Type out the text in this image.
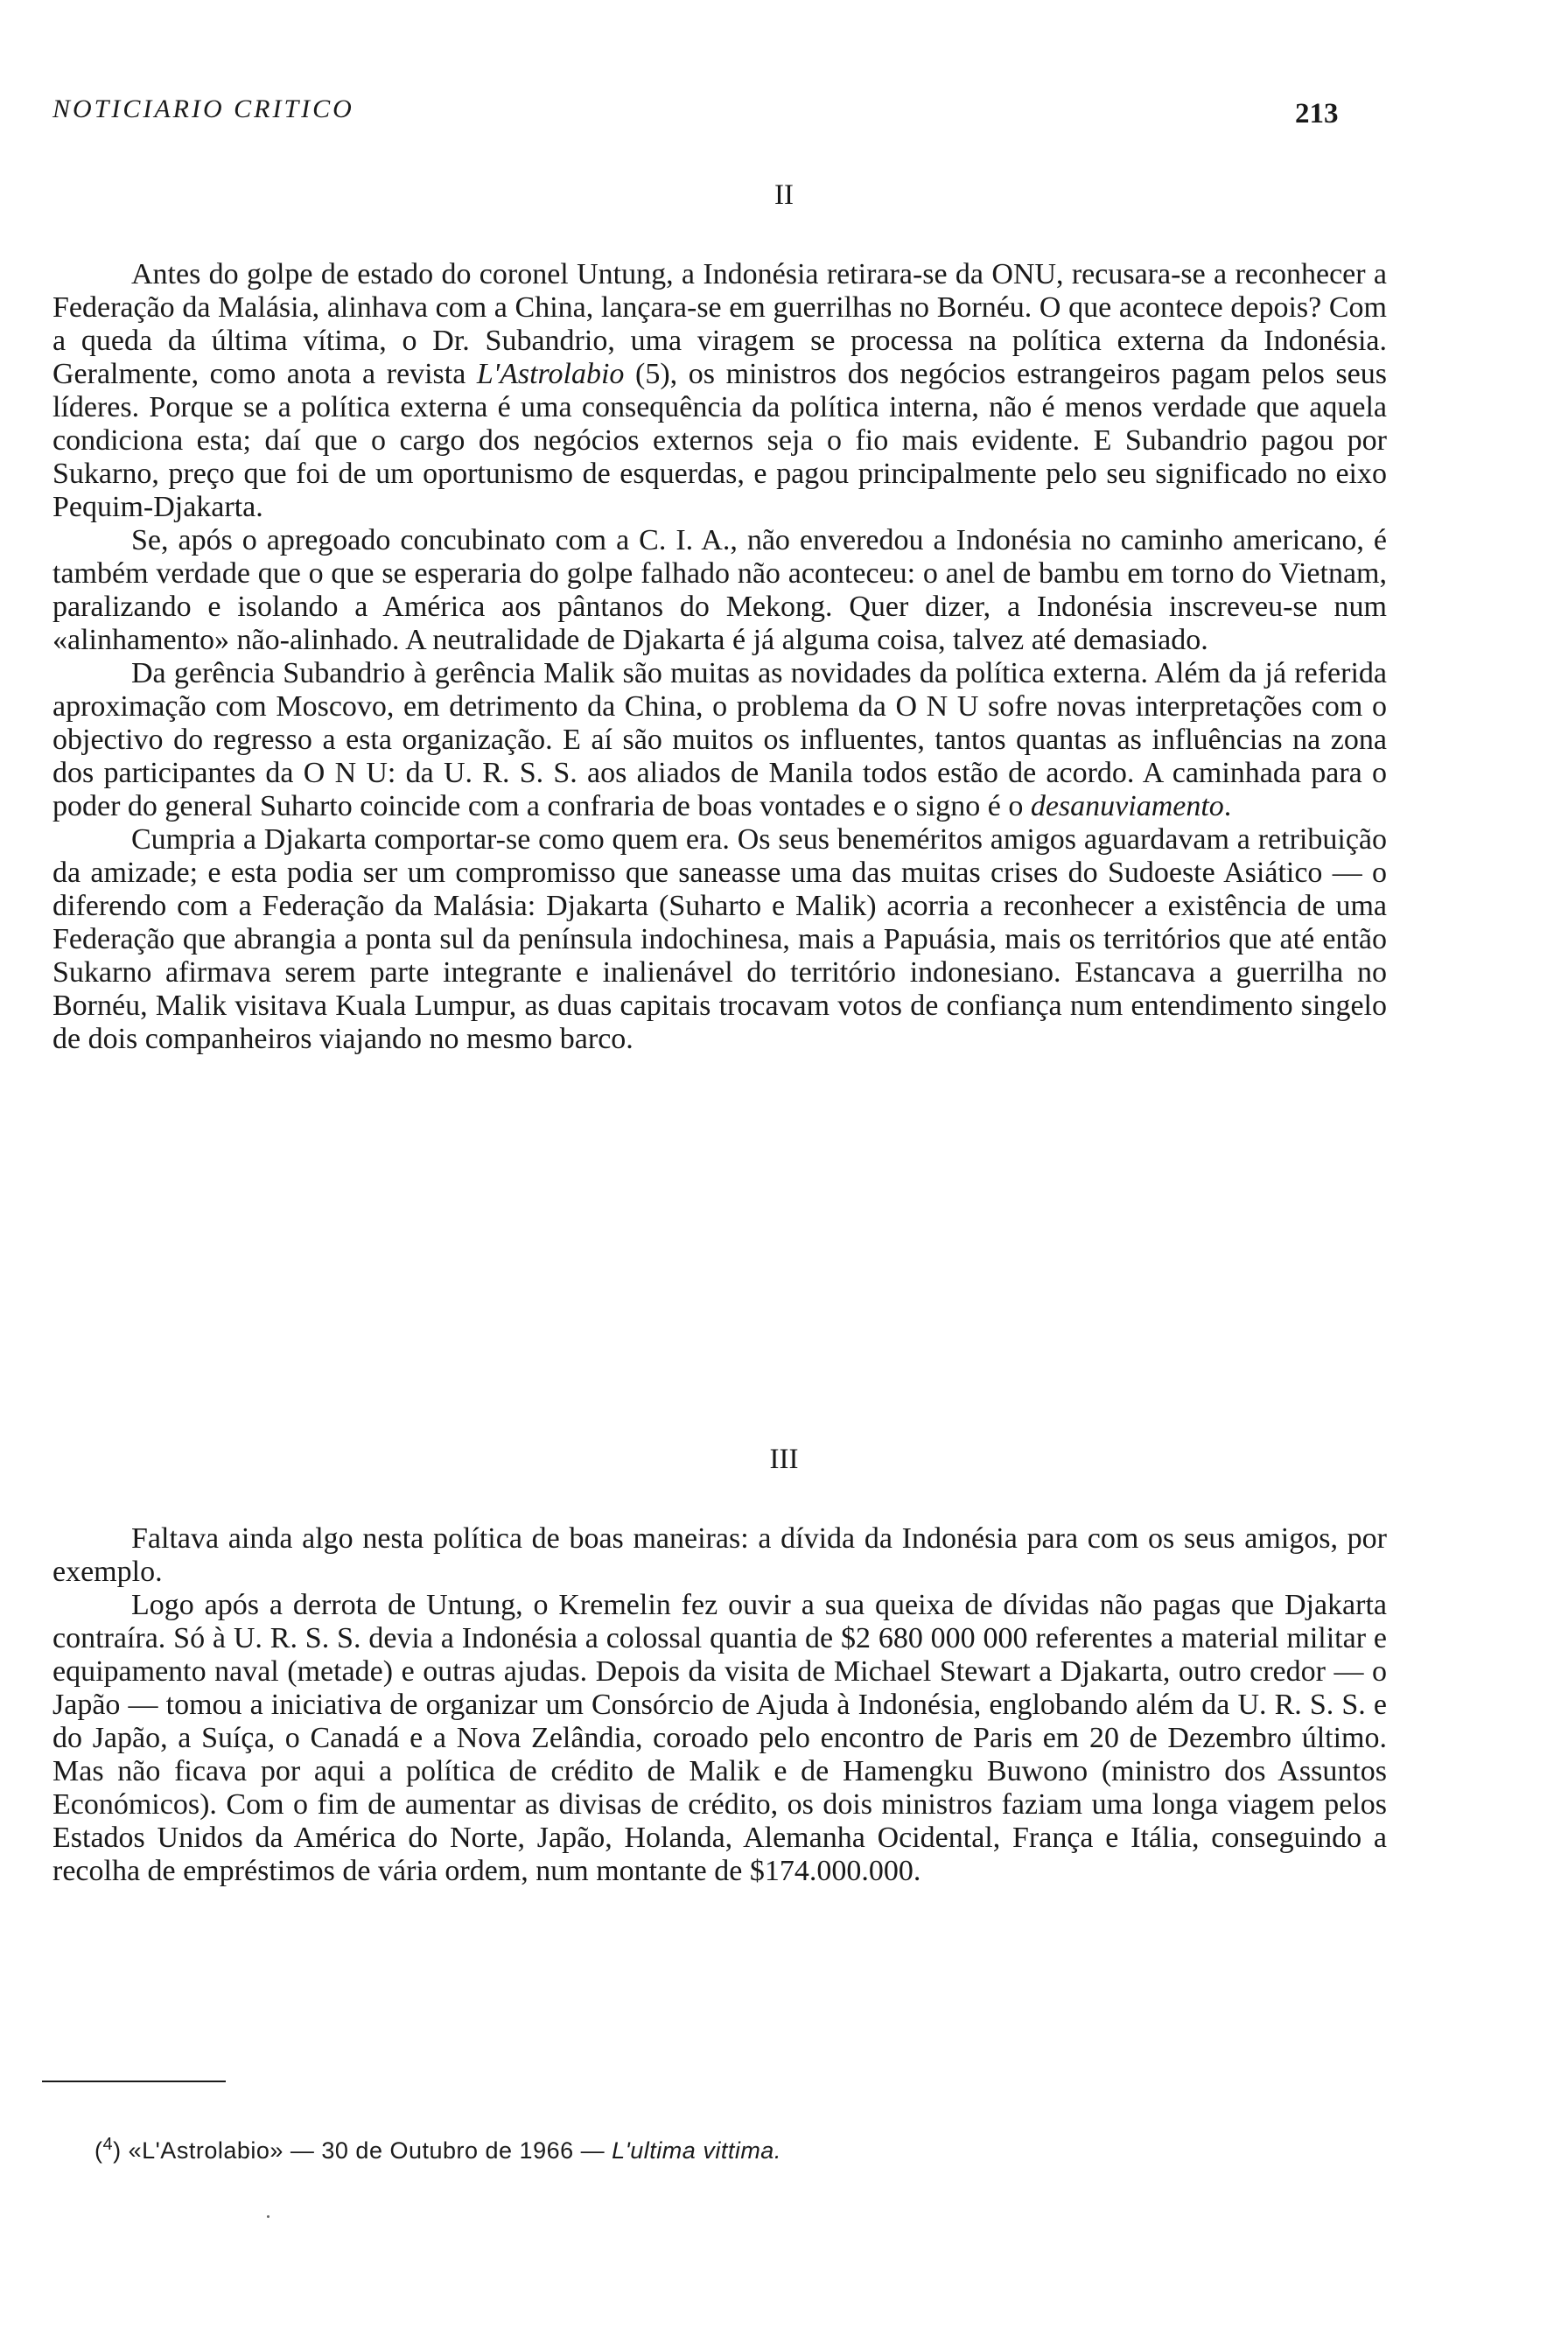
NOTICIARIO CRITICO	213
II

Antes do golpe de estado do coronel Untung, a Indonésia retirara-se da ONU, recusara-se a reconhecer a Federação da Malásia, alinhava com a China, lançara-se em guerrilhas no Bornéu. O que acontece depois? Com a queda da última vítima, o Dr. Subandrio, uma viragem se processa na política externa da Indonésia. Geralmente, como anota a revista L'Astrolabio (5), os ministros dos negócios estrangeiros pagam pelos seus líderes. Porque se a política externa é uma consequência da política interna, não é menos verdade que aquela condiciona esta; daí que o cargo dos negócios externos seja o fio mais evidente. E Subandrio pagou por Sukarno, preço que foi de um oportunismo de esquerdas, e pagou principalmente pelo seu significado no eixo Pequim-Djakarta.

Se, após o apregoado concubinato com a C. I. A., não enveredou a Indonésia no caminho americano, é também verdade que o que se esperaria do golpe falhado não aconteceu: o anel de bambu em torno do Vietnam, paralizando e isolando a América aos pântanos do Mekong. Quer dizer, a Indonésia inscreveu-se num «alinhamento» não-alinhado. A neutralidade de Djakarta é já alguma coisa, talvez até demasiado.

Da gerência Subandrio à gerência Malik são muitas as novidades da política externa. Além da já referida aproximação com Moscovo, em detrimento da China, o problema da O N U sofre novas interpretações com o objectivo do regresso a esta organização. E aí são muitos os influentes, tantos quantas as influências na zona dos participantes da O N U: da U. R. S. S. aos aliados de Manila todos estão de acordo. A caminhada para o poder do general Suharto coincide com a confraria de boas vontades e o signo é o desanuviamento.

Cumpria a Djakarta comportar-se como quem era. Os seus beneméritos amigos aguardavam a retribuição da amizade; e esta podia ser um compromisso que saneasse uma das muitas crises do Sudoeste Asiático — o diferendo com a Federação da Malásia: Djakarta (Suharto e Malik) acorria a reconhecer a existência de uma Federação que abrangia a ponta sul da península indochinesa, mais a Papuásia, mais os territórios que até então Sukarno afirmava serem parte integrante e inalienável do território indonesiano. Estancava a guerrilha no Bornéu, Malik visitava Kuala Lumpur, as duas capitais trocavam votos de confiança num entendimento singelo de dois companheiros viajando no mesmo barco.

III

Faltava ainda algo nesta política de boas maneiras: a dívida da Indonésia para com os seus amigos, por exemplo.

Logo após a derrota de Untung, o Kremelin fez ouvir a sua queixa de dívidas não pagas que Djakarta contraíra. Só à U. R. S. S. devia a Indonésia a colossal quantia de $2 680 000 000 referentes a material militar e equipamento naval (metade) e outras ajudas. Depois da visita de Michael Stewart a Djakarta, outro credor — o Japão — tomou a iniciativa de organizar um Consórcio de Ajuda à Indonésia, englobando além da U. R. S. S. e do Japão, a Suíça, o Canadá e a Nova Zelândia, coroado pelo encontro de Paris em 20 de Dezembro último. Mas não ficava por aqui a política de crédito de Malik e de Hamengku Buwono (ministro dos Assuntos Económicos). Com o fim de aumentar as divisas de crédito, os dois ministros faziam uma longa viagem pelos Estados Unidos da América do Norte, Japão, Holanda, Alemanha Ocidental, França e Itália, conseguindo a recolha de empréstimos de vária ordem, num montante de $174.000.000.

($^4$) «L'Astrolabio» — 30 de Outubro de 1966 — L'ultima vittima.
